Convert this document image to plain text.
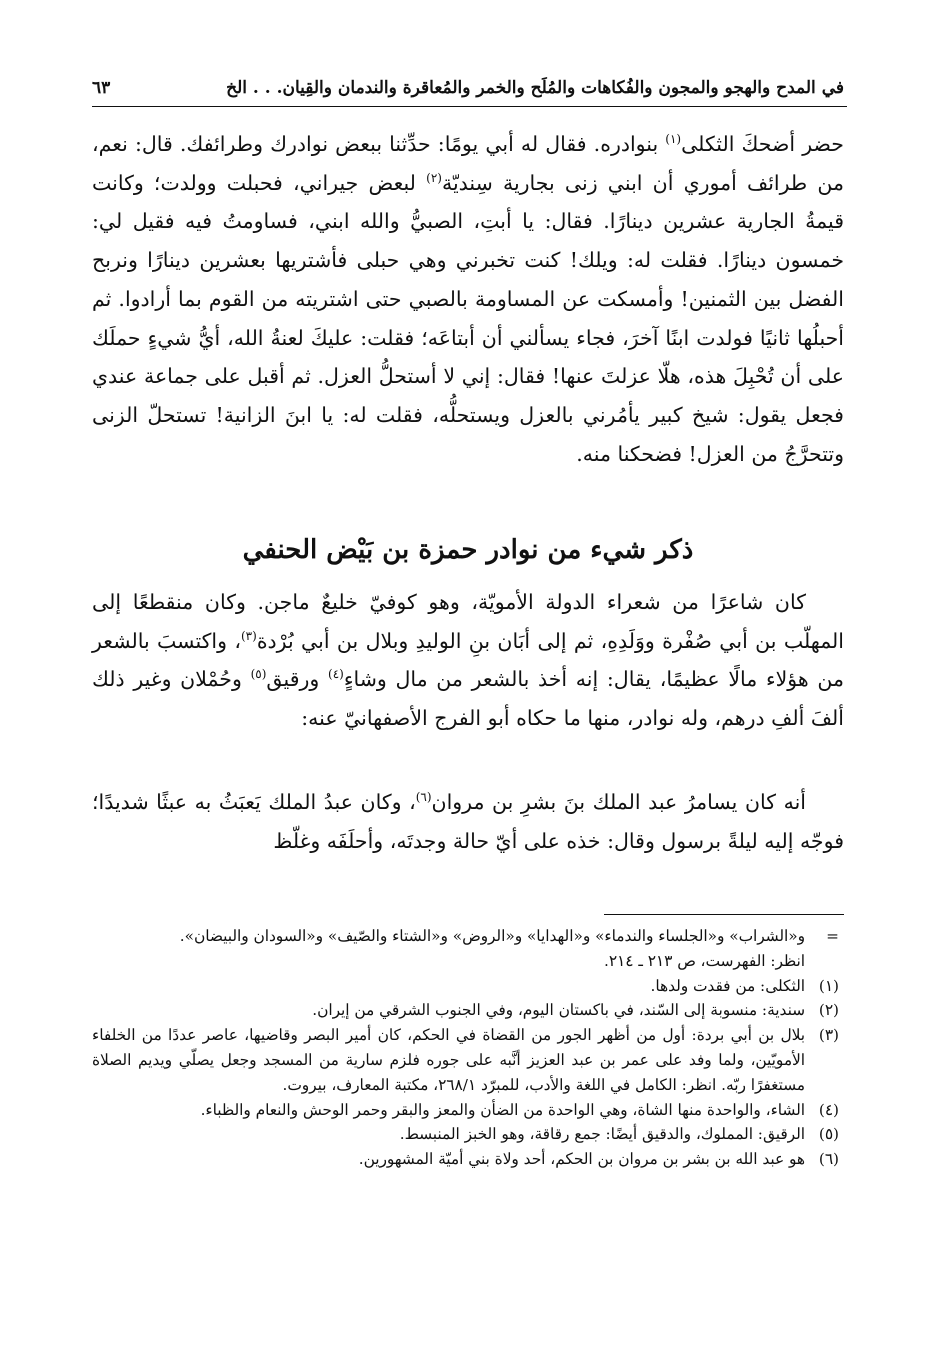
في المدح والهجو والمجون والفُكاهات والمُلَح والخمر والمُعاقرة والندمان والقِيان. . . الخ
٦٣

حضر أضحكَ الثكلى$^{(١)}$ بنوادره. فقال له أبي يومًا: حدِّثنا ببعض نوادرك وطرائفك. قال: نعم، من طرائف أموري أن ابني زنى بجارية سِنديّة$^{(٢)}$ لبعض جيراني، فحبلت وولدت؛ وكانت قيمةُ الجارية عشرين دينارًا. فقال: يا أبتِ، الصبيُّ والله ابني، فساومتُ فيه فقيل لي: خمسون دينارًا. فقلت له: ويلك! كنت تخبرني وهي حبلى فأشتريها بعشرين دينارًا ونربح الفضل بين الثمنين! وأمسكت عن المساومة بالصبي حتى اشتريته من القوم بما أرادوا. ثم أحبلُها ثانيًا فولدت ابنًا آخرَ، فجاء يسألني أن أبتاعَه؛ فقلت: عليكَ لعنةُ الله، أيُّ شيءٍ حملَك على أن تُحْبِلَ هذه، هلّا عزلتَ عنها! فقال: إني لا أستحلُّ العزل. ثم أقبل على جماعة عندي فجعل يقول: شيخ كبير يأمُرني بالعزل ويستحلُّه، فقلت له: يا ابنَ الزانية! تستحلّ الزنى وتتحرَّجُ من العزل! فضحكنا منه.

ذكر شيء من نوادر حمزة بن بَيْض الحنفي

كان شاعرًا من شعراء الدولة الأمويّة، وهو كوفيّ خليعٌ ماجن. وكان منقطعًا إلى المهلّب بن أبي صُفْرة ووَلَدِهِ، ثم إلى أبَان بنِ الوليدِ وبلال بن أبي بُرْدة$^{(٣)}$، واكتسبَ بالشعر من هؤلاء مالًا عظيمًا، يقال: إنه أخذ بالشعر من مال وشاءٍ$^{(٤)}$ ورقيق$^{(٥)}$ وحُمْلان وغير ذلك ألفَ ألفِ درهم، وله نوادر، منها ما حكاه أبو الفرج الأصفهانيّ عنه:

أنه كان يسامرُ عبد الملك بنَ بشرِ بن مروان$^{(٦)}$، وكان عبدُ الملك يَعبَثُ به عبثًا شديدًا؛ فوجّه إليه ليلةً برسول وقال: خذه على أيّ حالة وجدتَه، وأحلَفَه وغلّظ

=
و«الشراب» و«الجلساء والندماء» و«الهدايا» و«الروض» و«الشتاء والصّيف» و«السودان والبيضان».
انظر: الفهرست، ص ٢١٣ ـ ٢١٤.
(١)
الثكلى: من فقدت ولدها.
(٢)
سندية: منسوبة إلى السّند، في باكستان اليوم، وفي الجنوب الشرقي من إيران.
(٣)
بلال بن أبي بردة: أول من أظهر الجور من القضاة في الحكم، كان أمير البصر وقاضيها، عاصر عددًا من الخلفاء الأمويّين، ولما وفد على عمر بن عبد العزيز أنَّبه على جوره فلزم سارية من المسجد وجعل يصلّي ويديم الصلاة مستغفرًا ربّه. انظر: الكامل في اللغة والأدب، للمبرّد ٢٦٨/١، مكتبة المعارف، بيروت.
(٤)
الشاء، والواحدة منها الشاة، وهي الواحدة من الضأن والمعز والبقر وحمر الوحش والنعام والظباء.
(٥)
الرقيق: المملوك، والدقيق أيضًا: جمع رقاقة، وهو الخبز المنبسط.
(٦)
هو عبد الله بن بشر بن مروان بن الحكم، أحد ولاة بني أميّة المشهورين.
